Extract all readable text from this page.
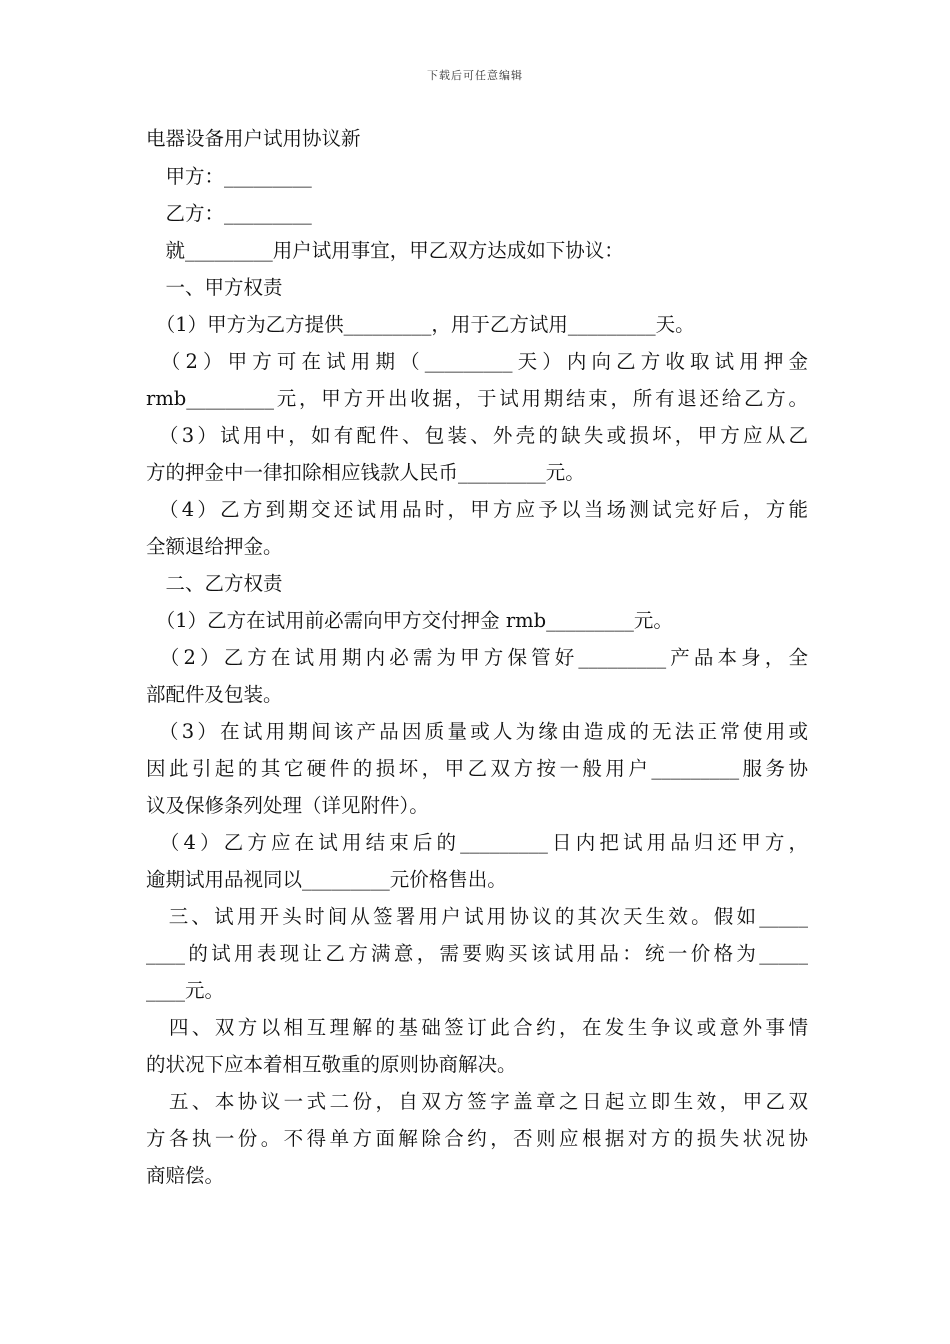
下载后可任意编辑
电器设备用户试用协议新
　甲方：_________
　乙方：_________
　就_________用户试用事宜，甲乙双方达成如下协议：
　一、甲方权责
　（1）甲方为乙方提供_________，用于乙方试用_________天。
　（2）甲方可在试用期（_________天）内向乙方收取试用押金
rmb_________元，甲方开出收据，于试用期结束，所有退还给乙方。
　（3）试用中，如有配件、包装、外壳的缺失或损坏，甲方应从乙
方的押金中一律扣除相应钱款人民币_________元。
　（4）乙方到期交还试用品时，甲方应予以当场测试完好后，方能
全额退给押金。
　二、乙方权责
　（1）乙方在试用前必需向甲方交付押金 rmb_________元。
　（2）乙方在试用期内必需为甲方保管好_________产品本身，全
部配件及包装。
　（3）在试用期间该产品因质量或人为缘由造成的无法正常使用或
因此引起的其它硬件的损坏，甲乙双方按一般用户_________服务协
议及保修条列处理（详见附件）。
　（4）乙方应在试用结束后的_________日内把试用品归还甲方，
逾期试用品视同以_________元价格售出。
　三、试用开头时间从签署用户试用协议的其次天生效。假如_____
____的试用表现让乙方满意，需要购买该试用品：统一价格为_____
____元。
　四、双方以相互理解的基础签订此合约，在发生争议或意外事情
的状况下应本着相互敬重的原则协商解决。
　五、本协议一式二份，自双方签字盖章之日起立即生效，甲乙双
方各执一份。不得单方面解除合约，否则应根据对方的损失状况协
商赔偿。
